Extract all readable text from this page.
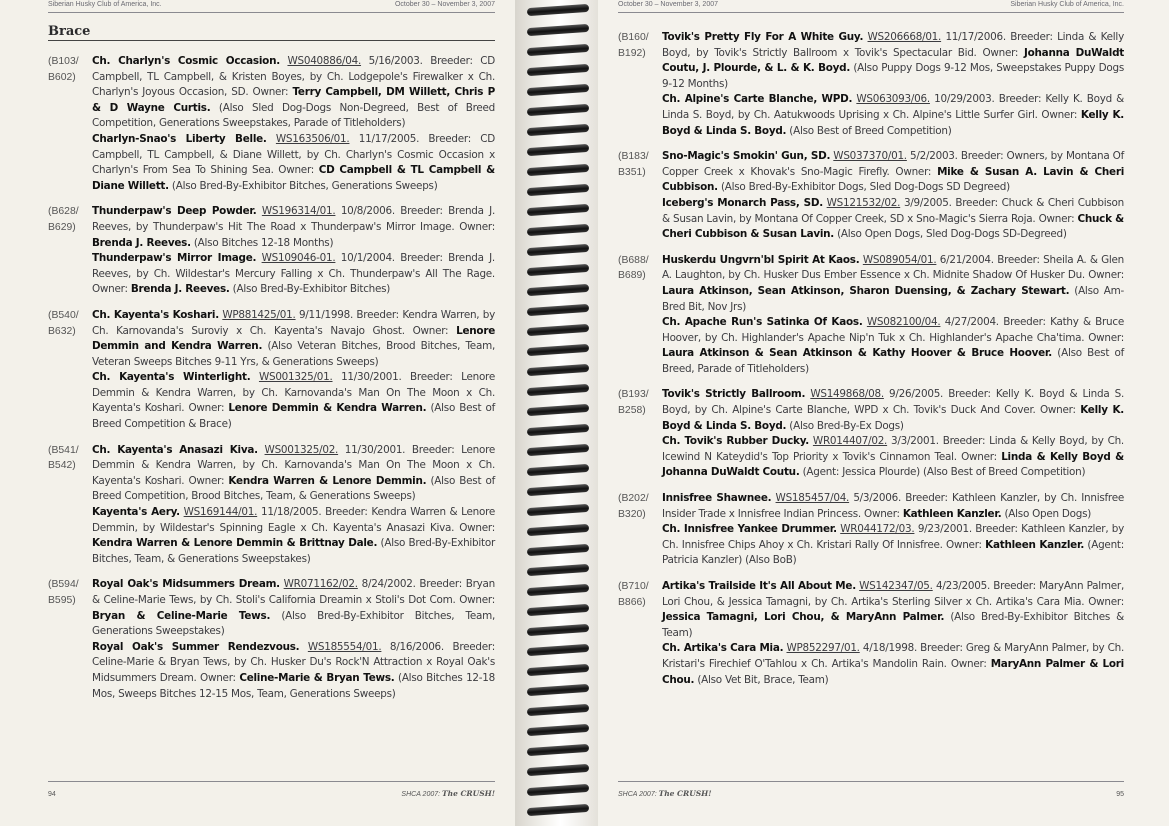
Siberian Husky Club of America, Inc.	October 30 – November 3, 2007
Brace
(B103/
B602)
Ch. Charlyn's Cosmic Occasion. WS040886/04. 5/16/2003. Breeder: CD Campbell, TL Campbell, & Kristen Boyes, by Ch. Lodgepole's Firewalker x Ch. Charlyn's Joyous Occasion, SD. Owner: Terry Campbell, DM Willett, Chris P & D Wayne Curtis. (Also Sled Dog-Dogs Non-Degreed, Best of Breed Competition, Generations Sweepstakes, Parade of Titleholders)
Charlyn-Snao's Liberty Belle. WS163506/01. 11/17/2005. Breeder: CD Campbell, TL Campbell, & Diane Willett, by Ch. Charlyn's Cosmic Occasion x Charlyn's From Sea To Shining Sea. Owner: CD Campbell & TL Campbell & Diane Willett. (Also Bred-By-Exhibitor Bitches, Generations Sweeps)
(B628/
B629)
Thunderpaw's Deep Powder. WS196314/01. 10/8/2006. Breeder: Brenda J. Reeves, by Thunderpaw's Hit The Road x Thunderpaw's Mirror Image. Owner: Brenda J. Reeves. (Also Bitches 12-18 Months)
Thunderpaw's Mirror Image. WS109046-01. 10/1/2004. Breeder: Brenda J. Reeves, by Ch. Wildestar's Mercury Falling x Ch. Thunderpaw's All The Rage. Owner: Brenda J. Reeves. (Also Bred-By-Exhibitor Bitches)
(B540/
B632)
Ch. Kayenta's Koshari. WP881425/01. 9/11/1998. Breeder: Kendra Warren, by Ch. Karnovanda's Suroviy x Ch. Kayenta's Navajo Ghost. Owner: Lenore Demmin and Kendra Warren. (Also Veteran Bitches, Brood Bitches, Team, Veteran Sweeps Bitches 9-11 Yrs, & Generations Sweeps)
Ch. Kayenta's Winterlight. WS001325/01. 11/30/2001. Breeder: Lenore Demmin & Kendra Warren, by Ch. Karnovanda's Man On The Moon x Ch. Kayenta's Koshari. Owner: Lenore Demmin & Kendra Warren. (Also Best of Breed Competition & Brace)
(B541/
B542)
Ch. Kayenta's Anasazi Kiva. WS001325/02. 11/30/2001. Breeder: Lenore Demmin & Kendra Warren, by Ch. Karnovanda's Man On The Moon x Ch. Kayenta's Koshari. Owner: Kendra Warren & Lenore Demmin. (Also Best of Breed Competition, Brood Bitches, Team, & Generations Sweeps)
Kayenta's Aery. WS169144/01. 11/18/2005. Breeder: Kendra Warren & Lenore Demmin, by Wildestar's Spinning Eagle x Ch. Kayenta's Anasazi Kiva. Owner: Kendra Warren & Lenore Demmin & Brittnay Dale. (Also Bred-By-Exhibitor Bitches, Team, & Generations Sweepstakes)
(B594/
B595)
Royal Oak's Midsummers Dream. WR071162/02. 8/24/2002. Breeder: Bryan & Celine-Marie Tews, by Ch. Stoli's California Dreamin x Stoli's Dot Com. Owner: Bryan & Celine-Marie Tews. (Also Bred-By-Exhibitor Bitches, Team, Generations Sweepstakes)
Royal Oak's Summer Rendezvous. WS185554/01. 8/16/2006. Breeder: Celine-Marie & Bryan Tews, by Ch. Husker Du's Rock'N Attraction x Royal Oak's Midsummers Dream. Owner: Celine-Marie & Bryan Tews. (Also Bitches 12-18 Mos, Sweeps Bitches 12-15 Mos, Team, Generations Sweeps)
94	SHCA 2007: The CRUSH!
October 30 – November 3, 2007	Siberian Husky Club of America, Inc.
(B160/
B192)
Tovik's Pretty Fly For A White Guy. WS206668/01. 11/17/2006. Breeder: Linda & Kelly Boyd, by Tovik's Strictly Ballroom x Tovik's Spectacular Bid. Owner: Johanna DuWaldt Coutu, J. Plourde, & L. & K. Boyd. (Also Puppy Dogs 9-12 Mos, Sweepstakes Puppy Dogs 9-12 Months)
Ch. Alpine's Carte Blanche, WPD. WS063093/06. 10/29/2003. Breeder: Kelly K. Boyd & Linda S. Boyd, by Ch. Aatukwoods Uprising x Ch. Alpine's Little Surfer Girl. Owner: Kelly K. Boyd & Linda S. Boyd. (Also Best of Breed Competition)
(B183/
B351)
Sno-Magic's Smokin' Gun, SD. WS037370/01. 5/2/2003. Breeder: Owners, by Montana Of Copper Creek x Khovak's Sno-Magic Firefly. Owner: Mike & Susan A. Lavin & Cheri Cubbison. (Also Bred-By-Exhibitor Dogs, Sled Dog-Dogs SD Degreed)
Iceberg's Monarch Pass, SD. WS121532/02. 3/9/2005. Breeder: Chuck & Cheri Cubbison & Susan Lavin, by Montana Of Copper Creek, SD x Sno-Magic's Sierra Roja. Owner: Chuck & Cheri Cubbison & Susan Lavin. (Also Open Dogs, Sled Dog-Dogs SD-Degreed)
(B688/
B689)
Huskerdu Ungvrn'bl Spirit At Kaos. WS089054/01. 6/21/2004. Breeder: Sheila A. & Glen A. Laughton, by Ch. Husker Dus Ember Essence x Ch. Midnite Shadow Of Husker Du. Owner: Laura Atkinson, Sean Atkinson, Sharon Duensing, & Zachary Stewart. (Also Am-Bred Bit, Nov Jrs)
Ch. Apache Run's Satinka Of Kaos. WS082100/04. 4/27/2004. Breeder: Kathy & Bruce Hoover, by Ch. Highlander's Apache Nip'n Tuk x Ch. Highlander's Apache Cha'tima. Owner: Laura Atkinson & Sean Atkinson & Kathy Hoover & Bruce Hoover. (Also Best of Breed, Parade of Titleholders)
(B193/
B258)
Tovik's Strictly Ballroom. WS149868/08. 9/26/2005. Breeder: Kelly K. Boyd & Linda S. Boyd, by Ch. Alpine's Carte Blanche, WPD x Ch. Tovik's Duck And Cover. Owner: Kelly K. Boyd & Linda S. Boyd. (Also Bred-By-Ex Dogs)
Ch. Tovik's Rubber Ducky. WR014407/02. 3/3/2001. Breeder: Linda & Kelly Boyd, by Ch. Icewind N Kateydid's Top Priority x Tovik's Cinnamon Teal. Owner: Linda & Kelly Boyd & Johanna DuWaldt Coutu. (Agent: Jessica Plourde) (Also Best of Breed Competition)
(B202/
B320)
Innisfree Shawnee. WS185457/04. 5/3/2006. Breeder: Kathleen Kanzler, by Ch. Innisfree Insider Trade x Innisfree Indian Princess. Owner: Kathleen Kanzler. (Also Open Dogs)
Ch. Innisfree Yankee Drummer. WR044172/03. 9/23/2001. Breeder: Kathleen Kanzler, by Ch. Innisfree Chips Ahoy x Ch. Kristari Rally Of Innisfree. Owner: Kathleen Kanzler. (Agent: Patricia Kanzler) (Also BoB)
(B710/
B866)
Artika's Trailside It's All About Me. WS142347/05. 4/23/2005. Breeder: MaryAnn Palmer, Lori Chou, & Jessica Tamagni, by Ch. Artika's Sterling Silver x Ch. Artika's Cara Mia. Owner: Jessica Tamagni, Lori Chou, & MaryAnn Palmer. (Also Bred-By-Exhibitor Bitches & Team)
Ch. Artika's Cara Mia. WP852297/01. 4/18/1998. Breeder: Greg & MaryAnn Palmer, by Ch. Kristari's Firechief O'Tahlou x Ch. Artika's Mandolin Rain. Owner: MaryAnn Palmer & Lori Chou. (Also Vet Bit, Brace, Team)
SHCA 2007: The CRUSH!	95
